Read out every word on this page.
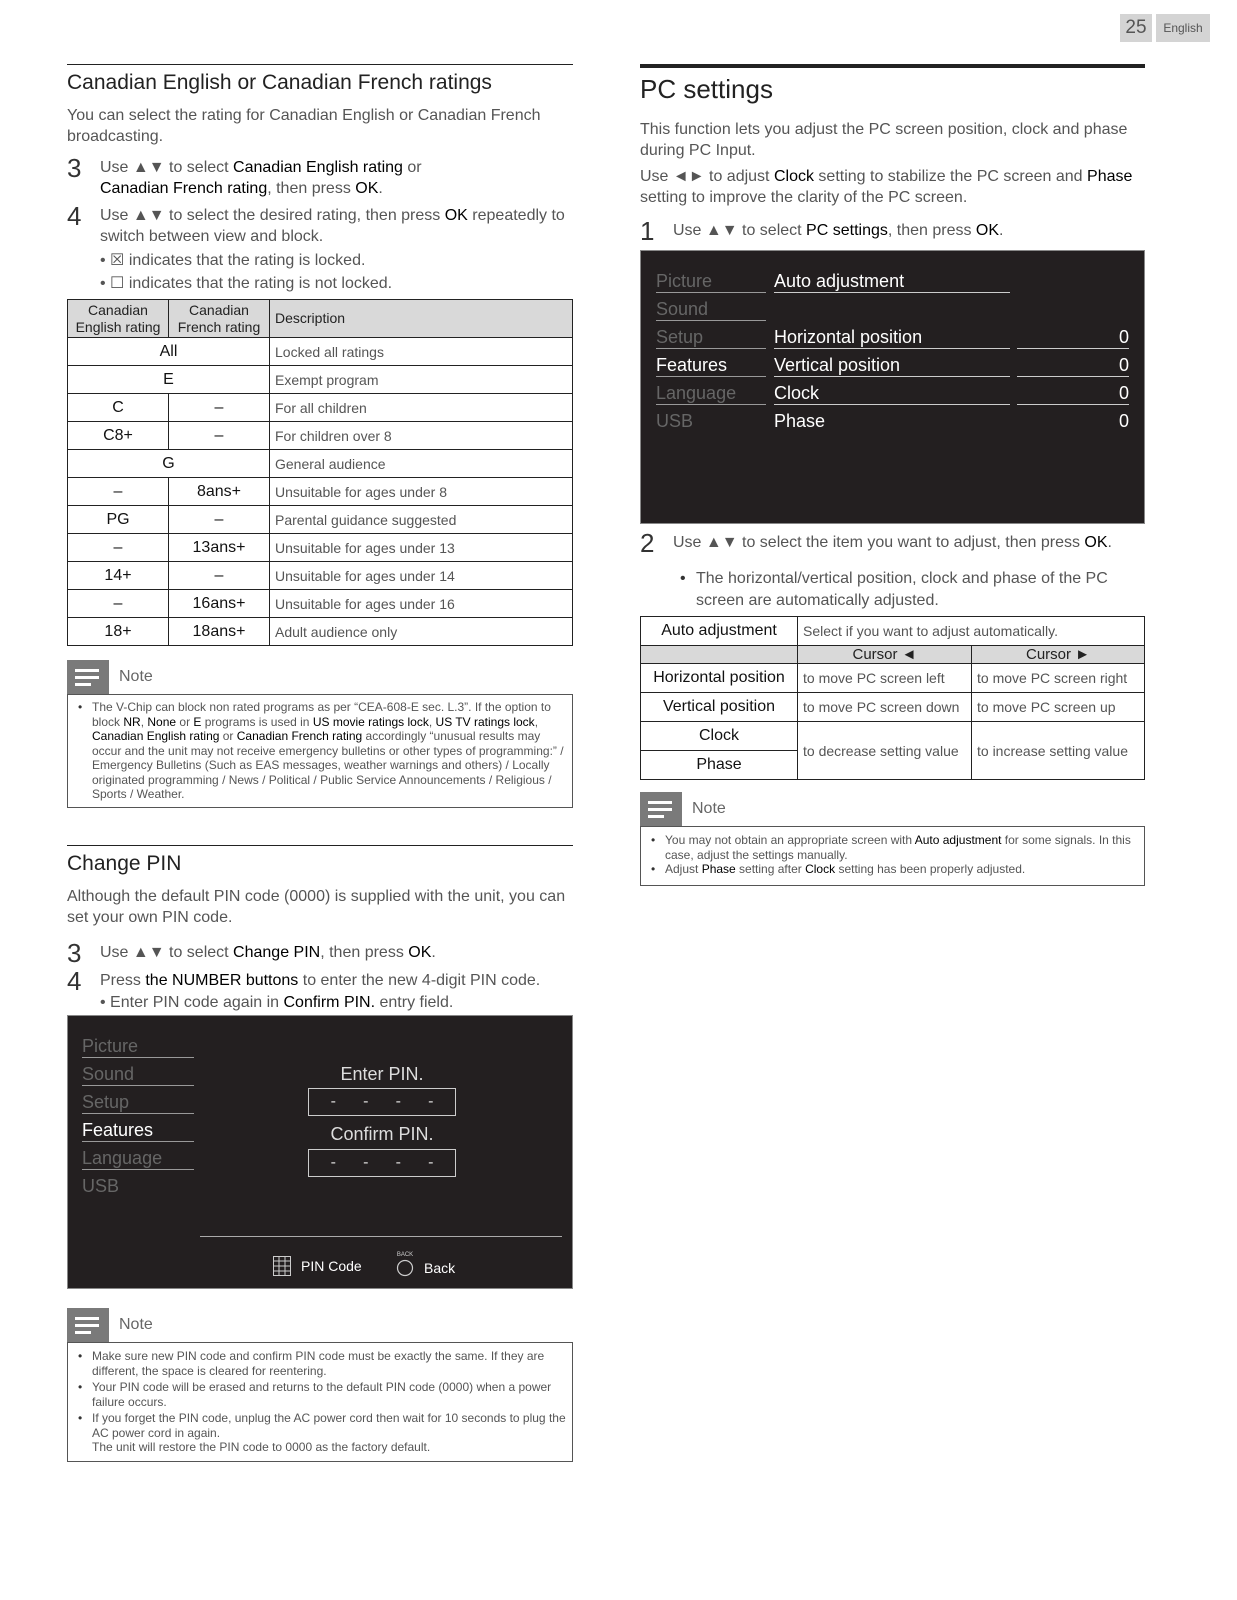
25	English
Canadian English or Canadian French ratings

You can select the rating for Canadian English or Canadian French broadcasting.

3	Use ▲▼ to select Canadian English rating or
Canadian French rating, then press OK.
4	Use ▲▼ to select the desired rating, then press OK repeatedly to switch between view and block.
• ☒ indicates that the rating is locked.
• ☐ indicates that the rating is not locked.
Canadian English rating	Canadian French rating	Description
All		Locked all ratings
E		Exempt program
C	–	For all children
C8+	–	For children over 8
G		General audience
–	8ans+	Unsuitable for ages under 8
PG	–	Parental guidance suggested
–	13ans+	Unsuitable for ages under 13
14+	–	Unsuitable for ages under 14
–	16ans+	Unsuitable for ages under 16
18+	18ans+	Adult audience only
Note
• The V-Chip can block non rated programs as per “CEA-608-E sec. L.3”. If the option to block NR, None or E programs is used in US movie ratings lock, US TV ratings lock, Canadian English rating or Canadian French rating accordingly “unusual results may occur and the unit may not receive emergency bulletins or other types of programming:” / Emergency Bulletins (Such as EAS messages, weather warnings and others) / Locally originated programming / News / Political / Public Service Announcements / Religious / Sports / Weather.
Change PIN

Although the default PIN code (0000) is supplied with the unit, you can set your own PIN code.

3	Use ▲▼ to select Change PIN, then press OK.
4	Press the NUMBER buttons to enter the new 4-digit PIN code.
• Enter PIN code again in Confirm PIN. entry field.
Picture
Sound
Setup
Features
Language
USB
Enter PIN.
- - - -
Confirm PIN.
- - - -
PIN Code
BACK
Back
Note
• Make sure new PIN code and confirm PIN code must be exactly the same. If they are different, the space is cleared for reentering.
• Your PIN code will be erased and returns to the default PIN code (0000) when a power failure occurs.
• If you forget the PIN code, unplug the AC power cord then wait for 10 seconds to plug the AC power cord in again.
The unit will restore the PIN code to 0000 as the factory default.
PC settings

This function lets you adjust the PC screen position, clock and phase during PC Input.

Use ◄► to adjust Clock setting to stabilize the PC screen and Phase setting to improve the clarity of the PC screen.

1	Use ▲▼ to select PC settings, then press OK.
Picture
Sound
Setup
Features
Language
USB
Auto adjustment
Horizontal position	0
Vertical position	0
Clock	0
Phase	0
2	Use ▲▼ to select the item you want to adjust, then press OK.
• The horizontal/vertical position, clock and phase of the PC screen are automatically adjusted.
Auto adjustment	Select if you want to adjust automatically.	
	Cursor ◄	Cursor ►
Horizontal position	to move PC screen left	to move PC screen right
Vertical position	to move PC screen down	to move PC screen up
Clock	to decrease setting value	to increase setting value
Phase		
Note
• You may not obtain an appropriate screen with Auto adjustment for some signals. In this case, adjust the settings manually.
• Adjust Phase setting after Clock setting has been properly adjusted.
